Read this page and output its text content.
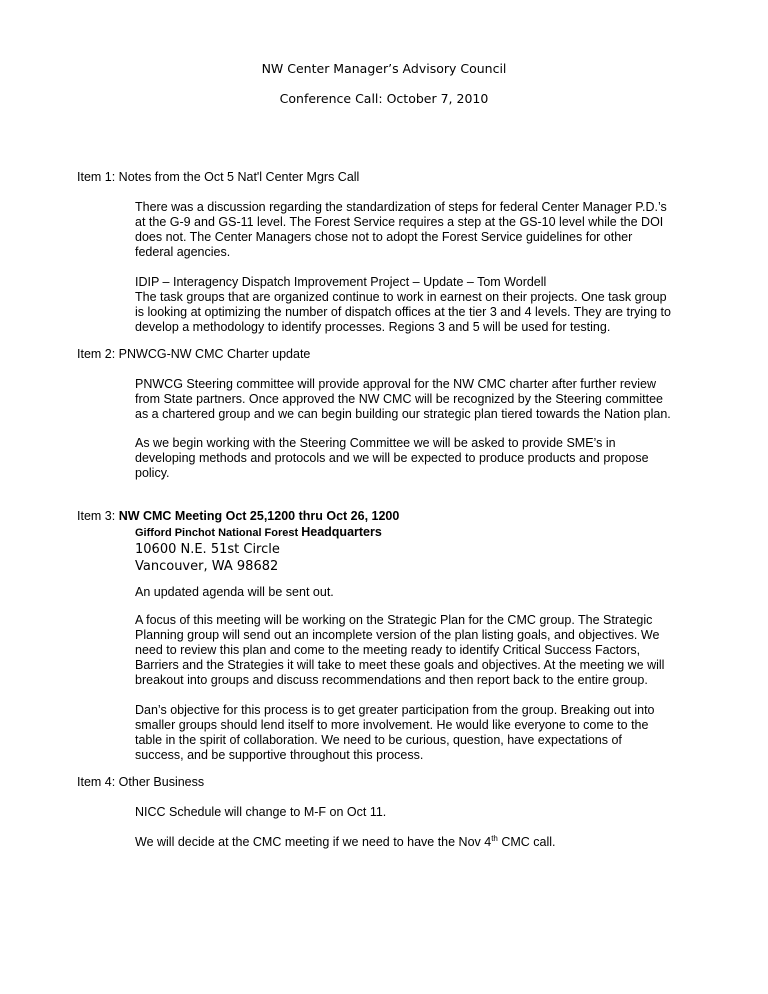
NW Center Manager’s Advisory Council
Conference Call: October 7, 2010
Item 1: Notes from the Oct 5 Nat'l Center Mgrs Call
There was a discussion regarding the standardization of steps for federal Center Manager P.D.’s
at the G-9 and GS-11 level. The Forest Service requires a step at the GS-10 level while the DOI
does not. The Center Managers chose not to adopt the Forest Service guidelines for other
federal agencies.
IDIP – Interagency Dispatch Improvement Project – Update – Tom Wordell
The task groups that are organized continue to work in earnest on their projects. One task group
is looking at optimizing the number of dispatch offices at the tier 3 and 4 levels. They are trying to
develop a methodology to identify processes. Regions 3 and 5 will be used for testing.
Item 2: PNWCG-NW CMC Charter update
PNWCG Steering committee will provide approval for the NW CMC charter after further review
from State partners. Once approved the NW CMC will be recognized by the Steering committee
as a chartered group and we can begin building our strategic plan tiered towards the Nation plan.
As we begin working with the Steering Committee we will be asked to provide SME’s in
developing methods and protocols and we will be expected to produce products and propose
policy.
Item 3: NW CMC Meeting Oct 25,1200 thru Oct 26, 1200
Gifford Pinchot National Forest Headquarters
10600 N.E. 51st Circle
Vancouver, WA 98682
An updated agenda will be sent out.
A focus of this meeting will be working on the Strategic Plan for the CMC group. The Strategic
Planning group will send out an incomplete version of the plan listing goals, and objectives. We
need to review this plan and come to the meeting ready to identify Critical Success Factors,
Barriers and the Strategies it will take to meet these goals and objectives. At the meeting we will
breakout into groups and discuss recommendations and then report back to the entire group.
Dan’s objective for this process is to get greater participation from the group. Breaking out into
smaller groups should lend itself to more involvement. He would like everyone to come to the
table in the spirit of collaboration. We need to be curious, question, have expectations of
success, and be supportive throughout this process.
Item 4: Other Business
NICC Schedule will change to M-F on Oct 11.
We will decide at the CMC meeting if we need to have the Nov 4th CMC call.
